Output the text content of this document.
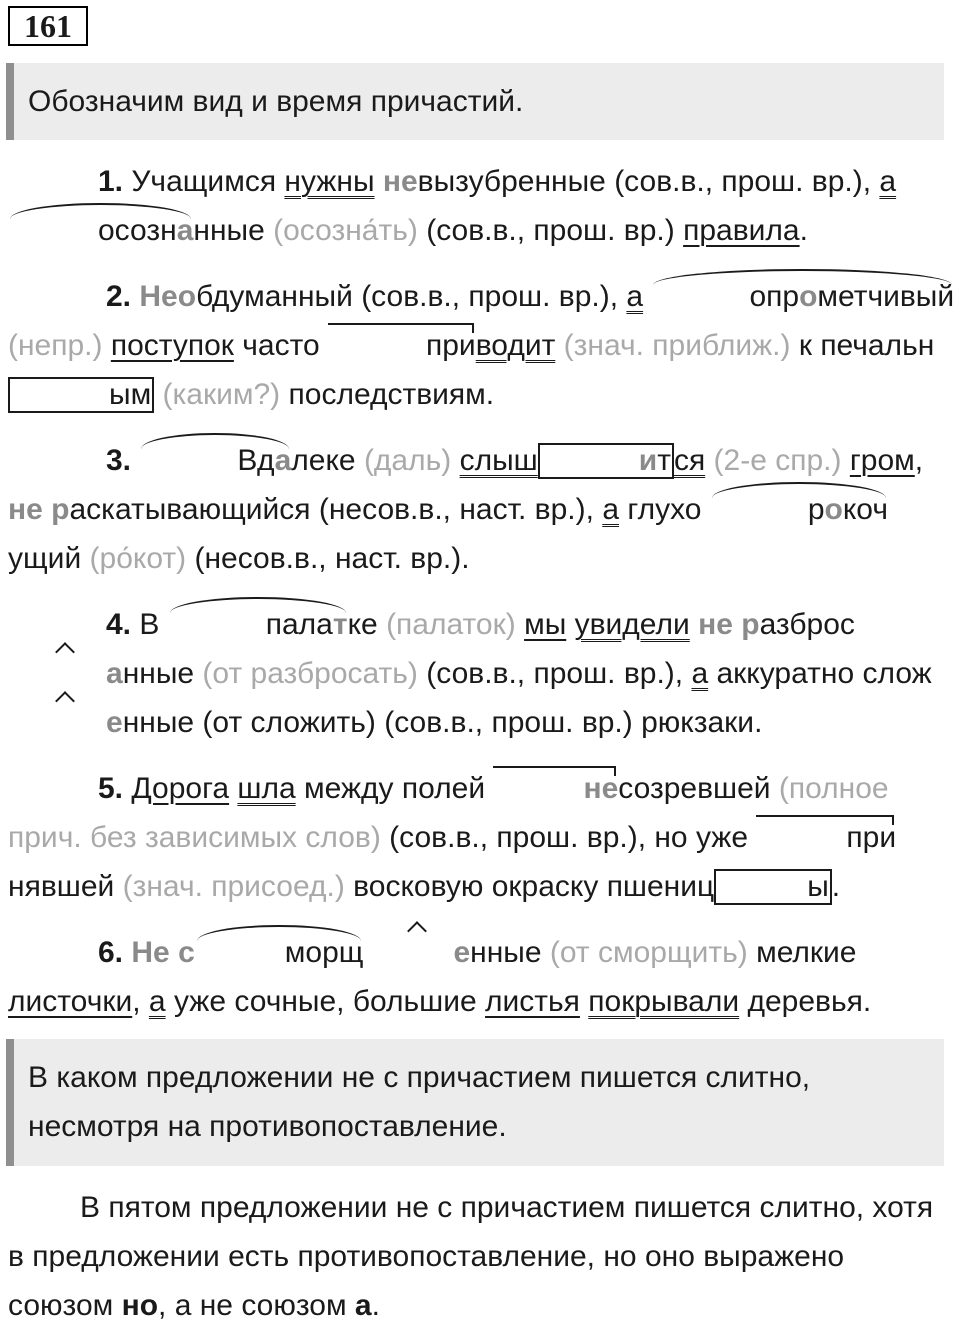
161
Обозначим вид и время причастий.
1. Учащимся нужны невызубренные (сов.в., прош. вр.), а осознанные (осозна́ть) (сов.в., прош. вр.) правила.
2. Необдуманный (сов.в., прош. вр.), а	опрометчивый (непр.) поступок часто	приводит (знач. приближ.) к печальным (каким?) последствиям.
3.	Вдалеке (даль) слыш	ит ся (2-е спр.) гром, не раскатывающийся (несов.в., наст. вр.), а глухо	рокочущий (ро́кот) (несов.в., наст. вр.).
4. В	палатке (палаток) мы увидели не разбросанные (от разбросать) (сов.в., прош. вр.), а аккуратно сложенные (от сложить) (сов.в., прош. вр.) рюкзаки.
5. Дорога шла между полей	несозревшей (полное прич. без зависимых слов) (сов.в., прош. вр.), но уже	принявшей (знач. присоед.) восковую окраску пшениц	ы .
6. Не с	морщ	енные (от сморщить) мелкие листочки, а уже сочные, большие листья покрывали деревья.
В каком предложении не с причастием пишется слитно,
несмотря на противопоставление.
В пятом предложении не с причастием пишется слитно, хотя в предложении есть противопоставление, но оно выражено союзом но, а не союзом а.
